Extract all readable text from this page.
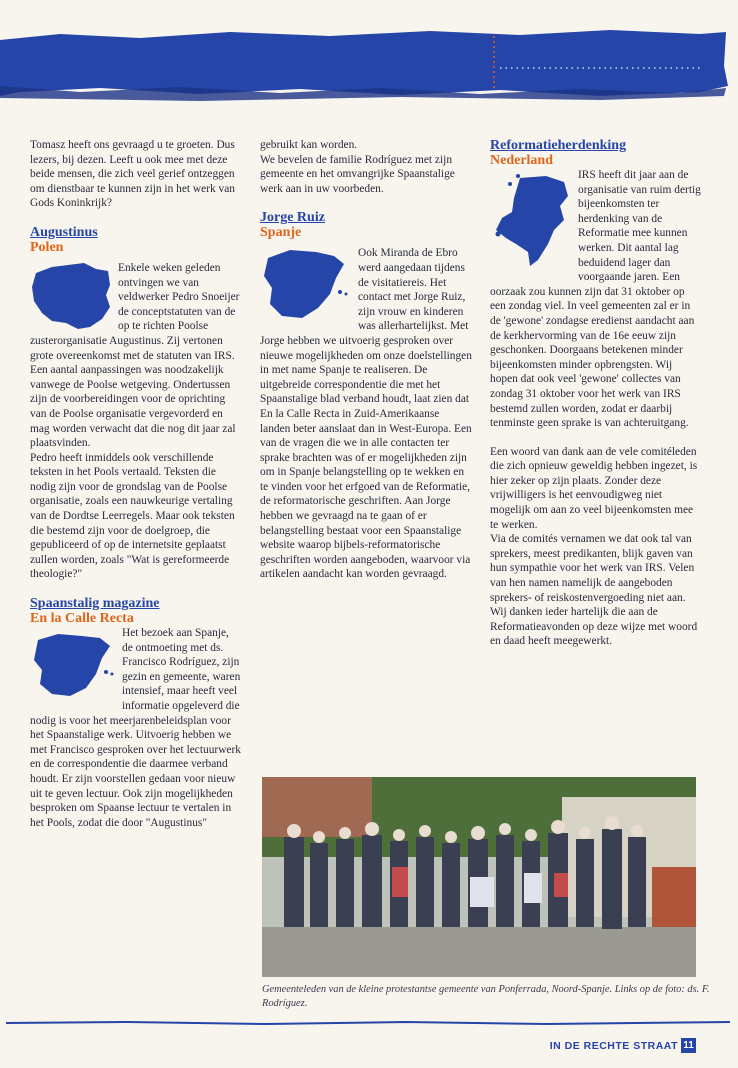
Tomasz heeft ons gevraagd u te groeten. Dus lezers, bij dezen. Leeft u ook mee met deze beide mensen, die zich veel gerief ontzeggen om dienstbaar te kunnen zijn in het werk van Gods Koninkrijk?

Augustinus
Polen

Enkele weken geleden ontvingen we van veldwerker Pedro Snoeijer de conceptstatuten van de op te richten Poolse zusterorganisatie Augustinus. Zij vertonen grote overeenkomst met de statuten van IRS. Een aantal aanpassingen was noodzakelijk vanwege de Poolse wetgeving. Ondertussen zijn de voorbereidingen voor de oprichting van de Poolse organisatie vergevorderd en mag worden verwacht dat die nog dit jaar zal plaatsvinden.

Pedro heeft inmiddels ook verschillende teksten in het Pools vertaald. Teksten die nodig zijn voor de grondslag van de Poolse organisatie, zoals een nauwkeurige vertaling van de Dordtse Leerregels. Maar ook teksten die bestemd zijn voor de doelgroep, die gepubliceerd of op de internetsite geplaatst zullen worden, zoals "Wat is gereformeerde theologie?"

Spaanstalig magazine
En la Calle Recta

Het bezoek aan Spanje, de ontmoeting met ds. Francisco Rodríguez, zijn gezin en gemeente, waren intensief, maar heeft veel informatie opgeleverd die nodig is voor het meerjarenbeleidsplan voor het Spaanstalige werk. Uitvoerig hebben we met Francisco gesproken over het lectuurwerk en de correspondentie die daarmee verband houdt. Er zijn voorstellen gedaan voor nieuw uit te geven lectuur. Ook zijn mogelijkheden besproken om Spaanse lectuur te vertalen in het Pools, zodat die door "Augustinus"

gebruikt kan worden.

We bevelen de familie Rodríguez met zijn gemeente en het omvangrijke Spaanstalige werk aan in uw voorbeden.

Jorge Ruiz
Spanje

Ook Miranda de Ebro werd aangedaan tijdens de visitatiereis. Het contact met Jorge Ruiz, zijn vrouw en kinderen was allerhartelijkst. Met Jorge hebben we uitvoerig gesproken over nieuwe mogelijkheden om onze doelstellingen in met name Spanje te realiseren. De uitgebreide correspondentie die met het Spaanstalige blad verband houdt, laat zien dat En la Calle Recta in Zuid-Amerikaanse landen beter aanslaat dan in West-Europa. Een van de vragen die we in alle contacten ter sprake brachten was of er mogelijkheden zijn om in Spanje belangstelling op te wekken en te vinden voor het erfgoed van de Reformatie, de reformatorische geschriften. Aan Jorge hebben we gevraagd na te gaan of er belangstelling bestaat voor een Spaanstalige website waarop bijbels-reformatorische geschriften worden aangeboden, waarvoor via artikelen aandacht kan worden gevraagd.

Reformatieherdenking
Nederland

IRS heeft dit jaar aan de organisatie van ruim dertig bijeenkomsten ter herdenking van de Reformatie mee kunnen werken. Dit aantal lag beduidend lager dan voorgaande jaren. Een oorzaak zou kunnen zijn dat 31 oktober op een zondag viel. In veel gemeenten zal er in de 'gewone' zondagse eredienst aandacht aan de kerkhervorming van de 16e eeuw zijn geschonken. Doorgaans betekenen minder bijeenkomsten minder opbrengsten. Wij hopen dat ook veel 'gewone' collectes van zondag 31 oktober voor het werk van IRS bestemd zullen worden, zodat er daarbij tenminste geen sprake is van achteruitgang.

Een woord van dank aan de vele comitéleden die zich opnieuw geweldig hebben ingezet, is hier zeker op zijn plaats. Zonder deze vrijwilligers is het eenvoudigweg niet mogelijk om aan zo veel bijeenkomsten mee te werken.

Via de comités vernamen we dat ook tal van sprekers, meest predikanten, blijk gaven van hun sympathie voor het werk van IRS. Velen van hen namen namelijk de aangeboden sprekers- of reiskostenvergoeding niet aan. Wij danken ieder hartelijk die aan de Reformatieavonden op deze wijze met woord en daad heeft meegewerkt.

Gemeenteleden van de kleine protestantse gemeente van Ponferrada, Noord-Spanje. Links op de foto: ds. F. Rodríguez.
IN DE RECHTE STRAAT 11
